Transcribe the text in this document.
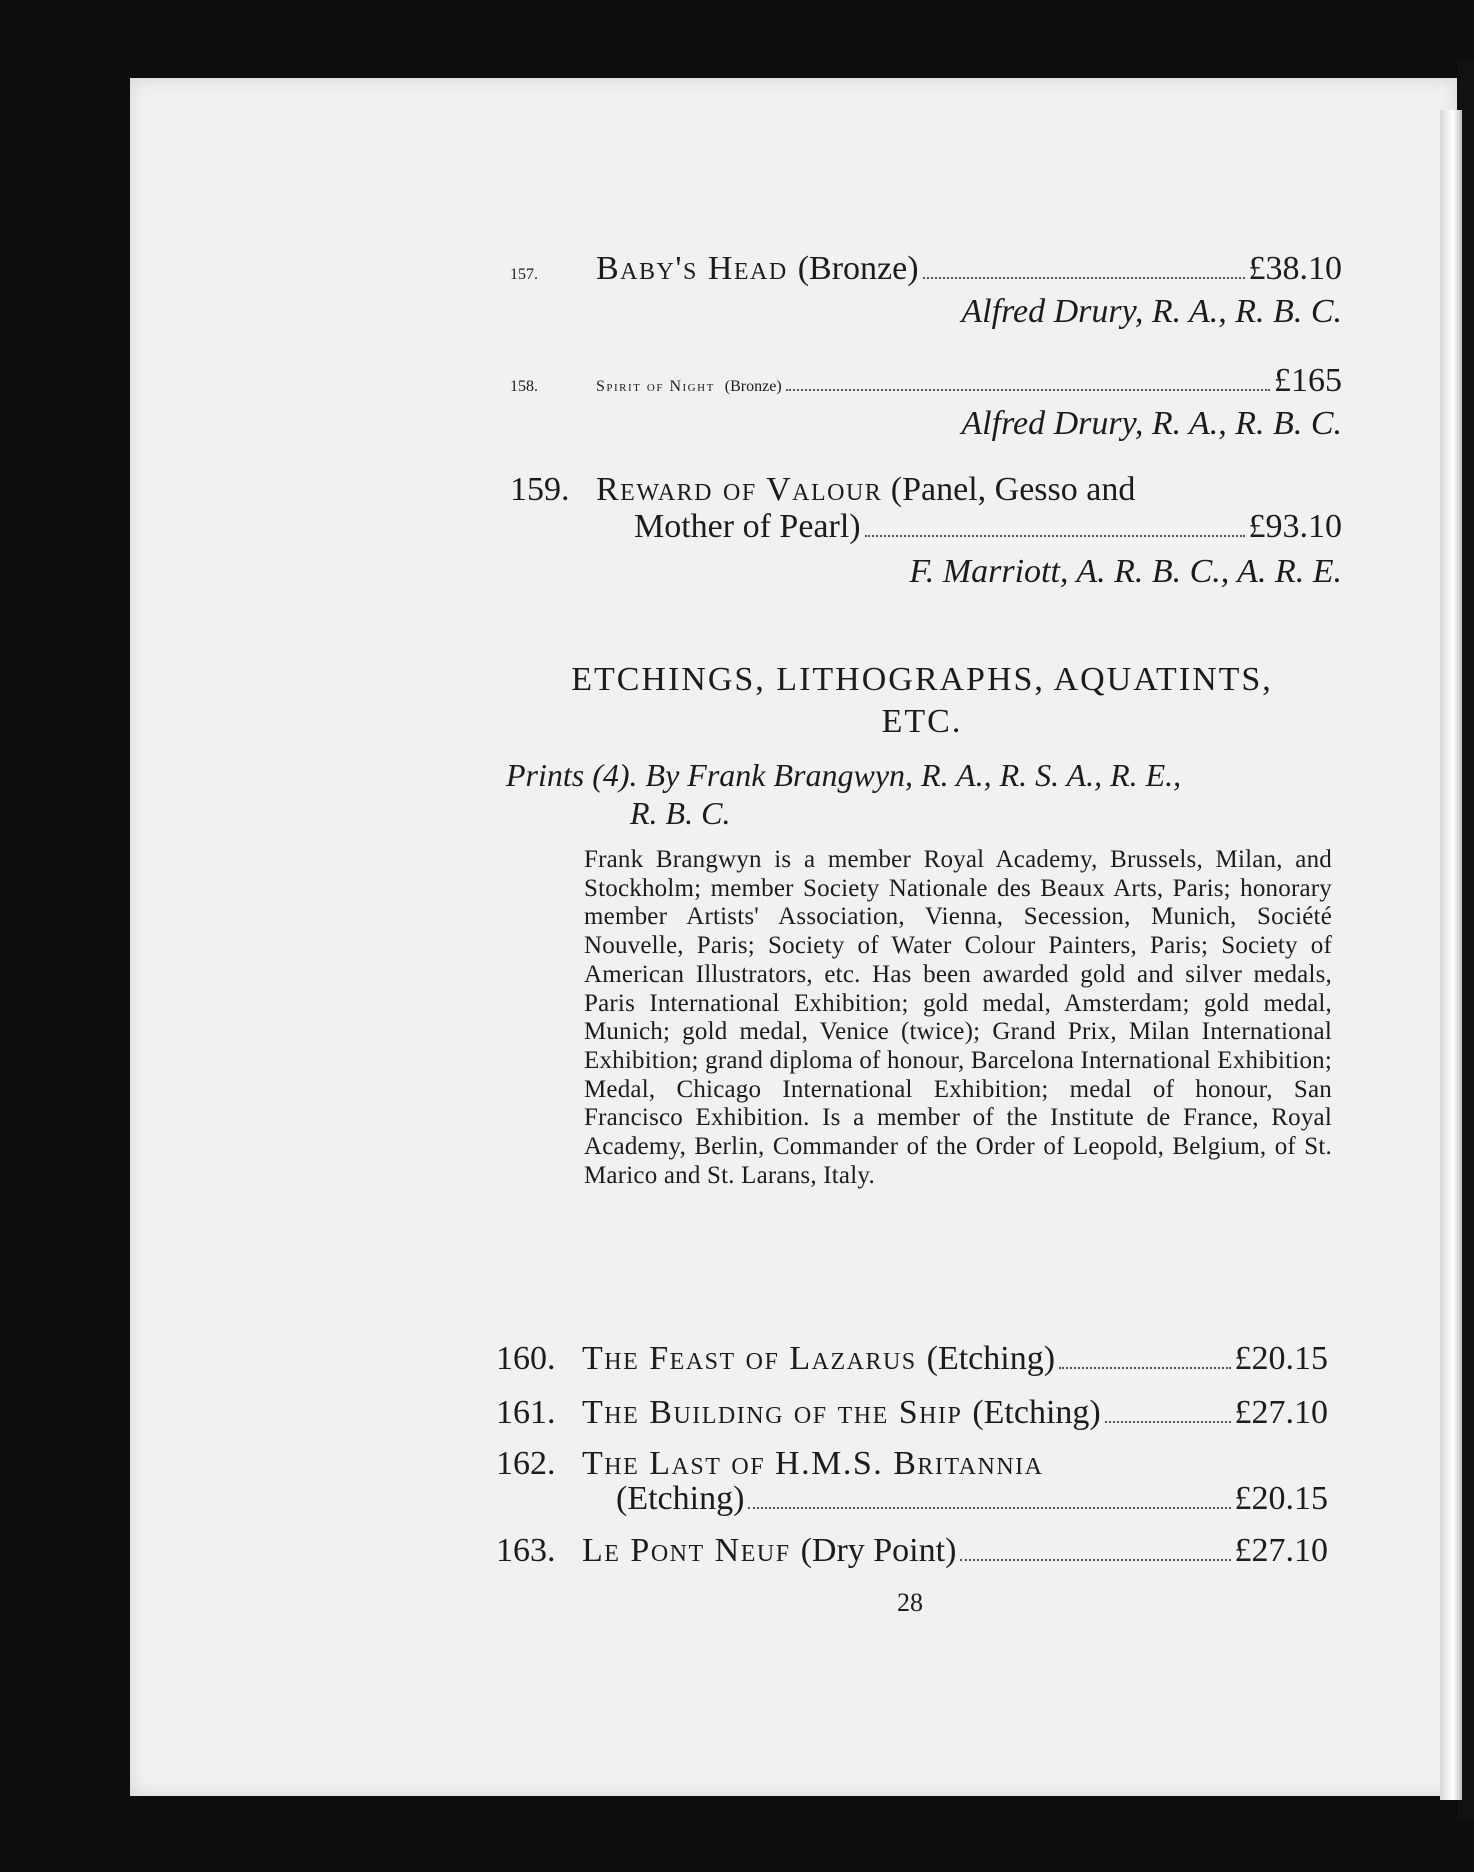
157.	Baby's Head (Bronze)	£38.10
Alfred Drury, R. A., R. B. C.
158.	Spirit of Night (Bronze)	£165
Alfred Drury, R. A., R. B. C.
159. Reward of Valour (Panel, Gesso and
Mother of Pearl)	£93.10
F. Marriott, A. R. B. C., A. R. E.
ETCHINGS, LITHOGRAPHS, AQUATINTS,
ETC.
Prints (4). By Frank Brangwyn, R. A., R. S. A., R. E.,
R. B. C.
Frank Brangwyn is a member Royal Academy, Brussels, Milan, and Stockholm; member Society Nationale des Beaux Arts, Paris; honorary member Artists' Association, Vienna, Secession, Munich, Société Nouvelle, Paris; Society of Water Colour Painters, Paris; Society of American Illustrators, etc. Has been awarded gold and silver medals, Paris International Exhibition; gold medal, Amsterdam; gold medal, Munich; gold medal, Venice (twice); Grand Prix, Milan International Exhibition; grand diploma of honour, Barcelona International Exhibition; Medal, Chicago International Exhibition; medal of honour, San Francisco Exhibition. Is a member of the Institute de France, Royal Academy, Berlin, Commander of the Order of Leopold, Belgium, of St. Marico and St. Larans, Italy.
160. The Feast of Lazarus (Etching)	£20.15
161. The Building of the Ship (Etching)	£27.10
162. The Last of H.M.S. Britannia
(Etching)	£20.15
163. Le Pont Neuf (Dry Point)	£27.10
28
